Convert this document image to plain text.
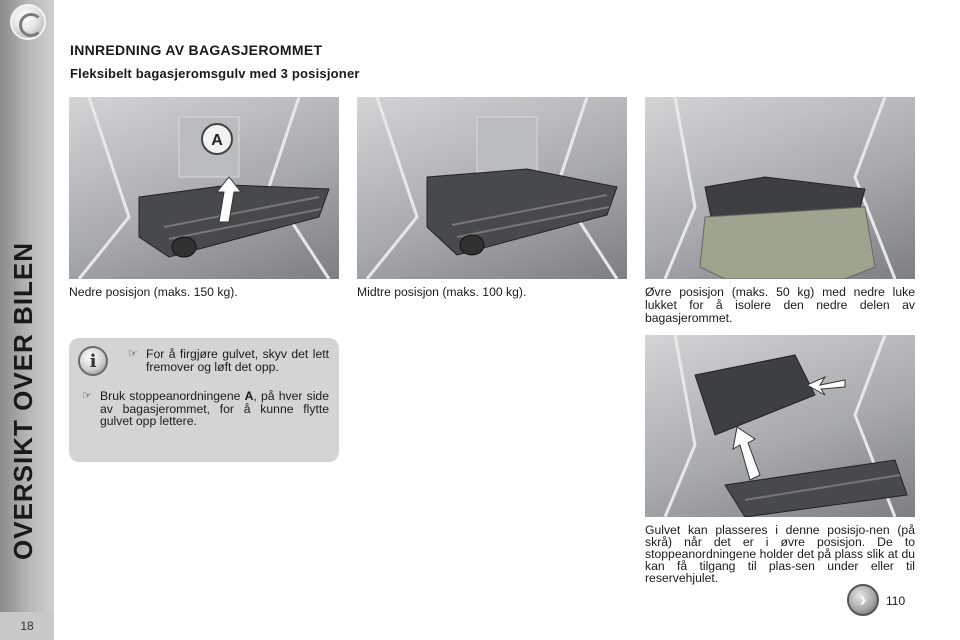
OVERSIKT OVER BILEN
18
INNREDNING AV BAGASJEROMMET
Fleksibelt bagasjeromsgulv med 3 posisjoner
A
Nedre posisjon (maks. 150 kg).	Midtre posisjon (maks. 100 kg).	Øvre posisjon (maks. 50 kg) med nedre luke lukket for å isolere den nedre delen av bagasjerommet.
i	☞ For å firgjøre gulvet, skyv det lett fremover og løft det opp.
☞ Bruk stoppeanordningene A, på hver side av bagasjerommet, for å kunne flytte gulvet opp lettere.
Gulvet kan plasseres i denne posisjo-nen (på skrå) når det er i øvre posisjon. De to stoppeanordningene holder det på plass slik at du kan få tilgang til plas-sen under eller til reservehjulet.
›	110
